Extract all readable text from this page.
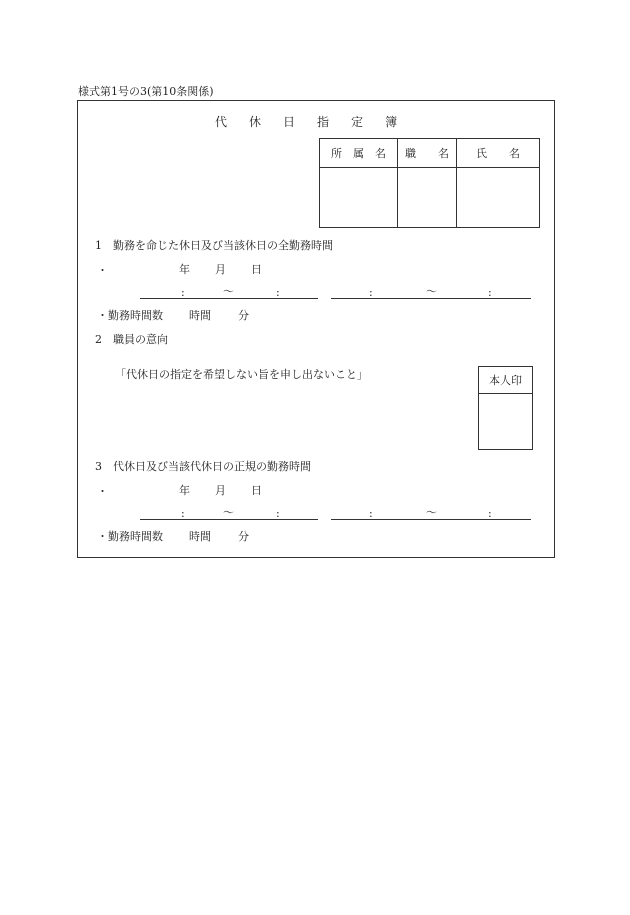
様式第1号の3(第10条関係)
代 休 日 指 定 簿
所　属　名	職　　名	氏　　名

1　勤務を命じた休日及び当該休日の全勤務時間
・	年 月 日
:	〜	:	:	〜	:
・勤務時間数 時間 分
2　職員の意向
「代休日の指定を希望しない旨を申し出ないこと」	本人印
3　代休日及び当該代休日の正規の勤務時間
・	年 月 日
:	〜	:	:	〜	:
・勤務時間数 時間 分
